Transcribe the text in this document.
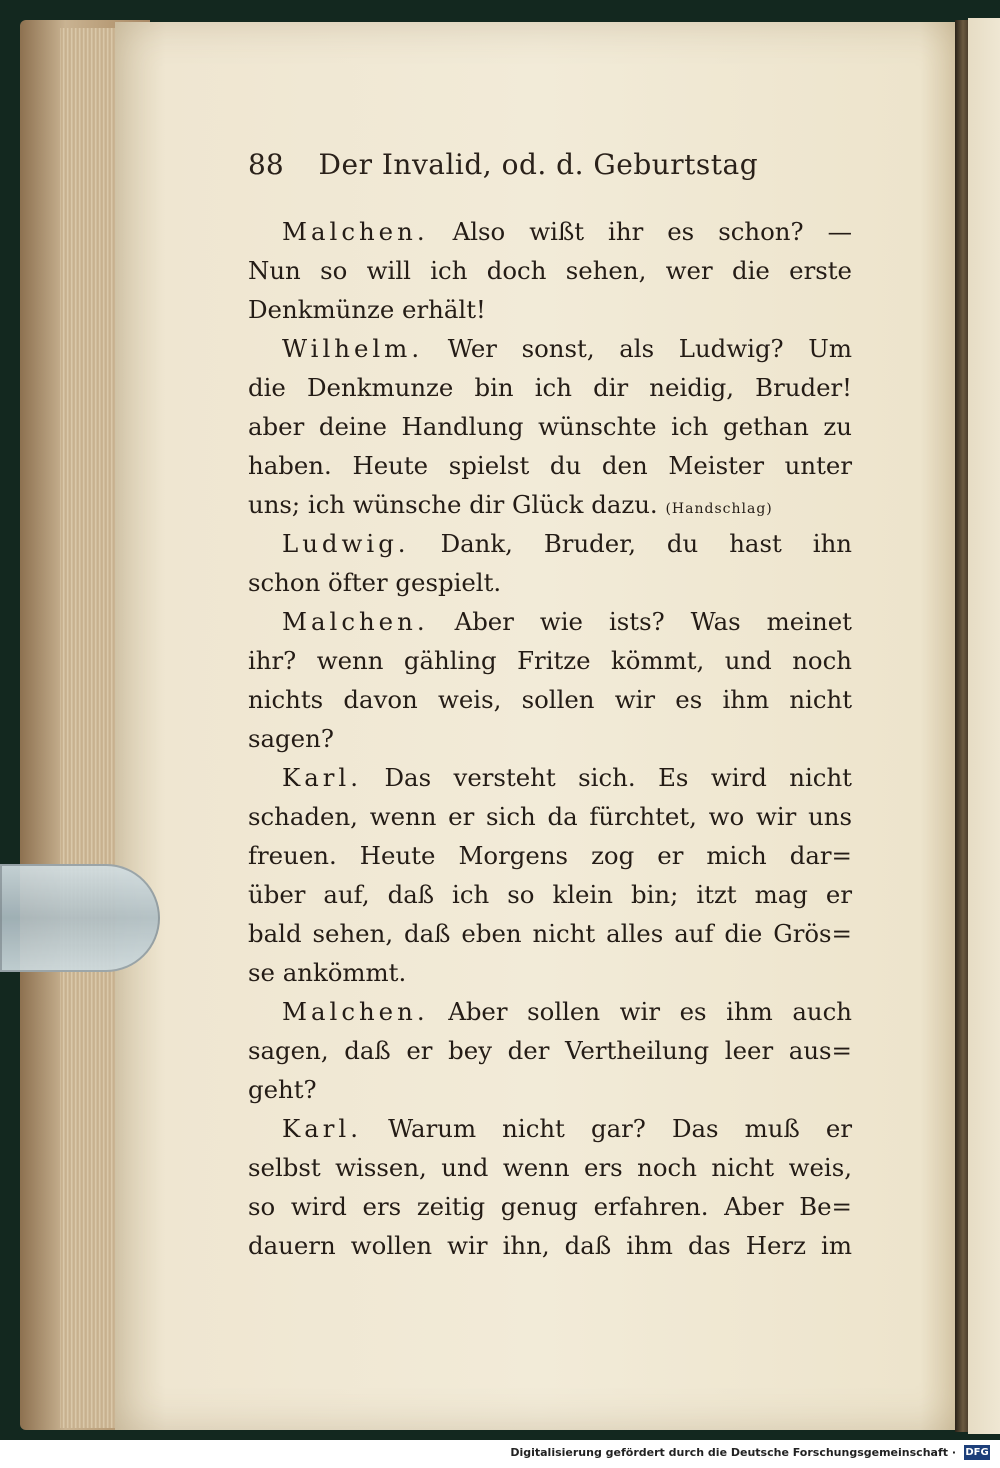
88 Der Invalid, od. d. Geburtstag
Malchen. Also wißt ihr es schon? —
Nun so will ich doch sehen, wer die erste
Denkmünze erhält!
Wilhelm. Wer sonst, als Ludwig? Um
die Denkmunze bin ich dir neidig, Bruder!
aber deine Handlung wünschte ich gethan zu
haben. Heute spielst du den Meister unter
uns; ich wünsche dir Glück dazu. (Handschlag)
Ludwig. Dank, Bruder, du hast ihn
schon öfter gespielt.
Malchen. Aber wie ists? Was meinet
ihr? wenn gähling Fritze kömmt, und noch
nichts davon weis, sollen wir es ihm nicht
sagen?
Karl. Das versteht sich. Es wird nicht
schaden, wenn er sich da fürchtet, wo wir uns
freuen. Heute Morgens zog er mich dar=
über auf, daß ich so klein bin; itzt mag er
bald sehen, daß eben nicht alles auf die Grös=
se ankömmt.
Malchen. Aber sollen wir es ihm auch
sagen, daß er bey der Vertheilung leer aus=
geht?
Karl. Warum nicht gar? Das muß er
selbst wissen, und wenn ers noch nicht weis,
so wird ers zeitig genug erfahren. Aber Be=
dauern wollen wir ihn, daß ihm das Herz im
Digitalisierung gefördert durch die Deutsche Forschungsgemeinschaft · DFG
